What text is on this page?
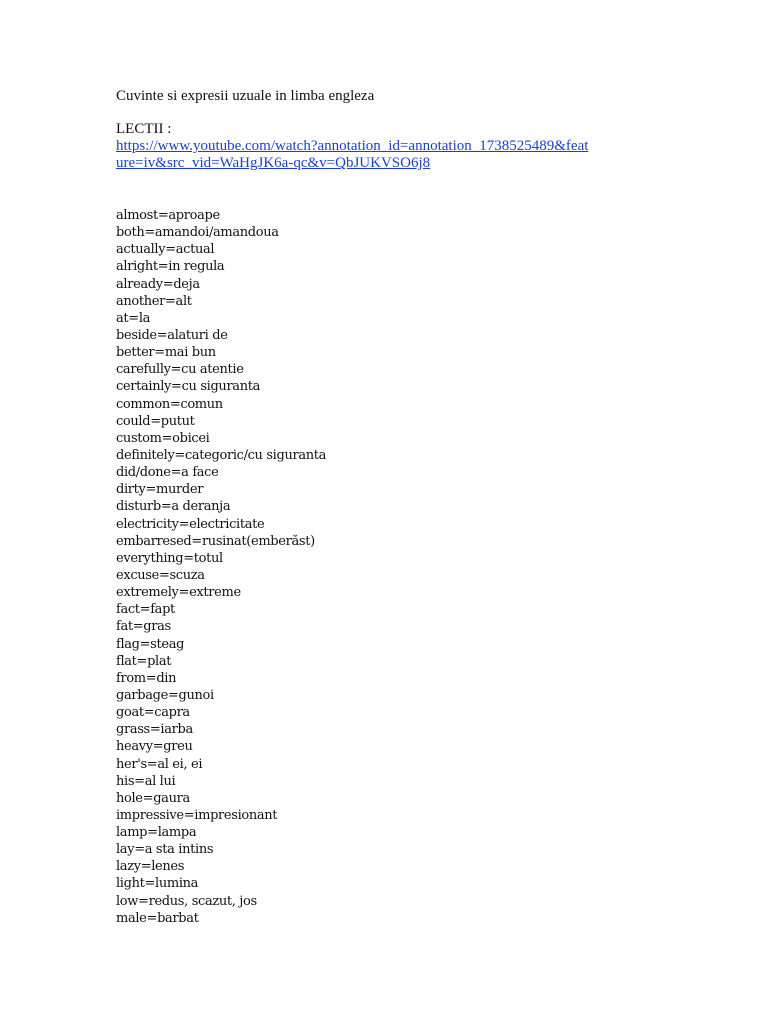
Cuvinte si expresii uzuale in limba engleza

LECTII :
https://www.youtube.com/watch?annotation_id=annotation_1738525489&feat
ure=iv&src_vid=WaHgJK6a-qc&v=QbJUKVSO6j8
almost=aproape
both=amandoi/amandoua
actually=actual
alright=in regula
already=deja
another=alt
at=la
beside=alaturi de
better=mai bun
carefully=cu atentie
certainly=cu siguranta
common=comun
could=putut
custom=obicei
definitely=categoric/cu siguranta
did/done=a face
dirty=murder
disturb=a deranja
electricity=electricitate
embarresed=rusinat(emberăst)
everything=totul
excuse=scuza
extremely=extreme
fact=fapt
fat=gras
flag=steag
flat=plat
from=din
garbage=gunoi
goat=capra
grass=iarba
heavy=greu
her's=al ei, ei
his=al lui
hole=gaura
impressive=impresionant
lamp=lampa
lay=a sta intins
lazy=lenes
light=lumina
low=redus, scazut, jos
male=barbat
